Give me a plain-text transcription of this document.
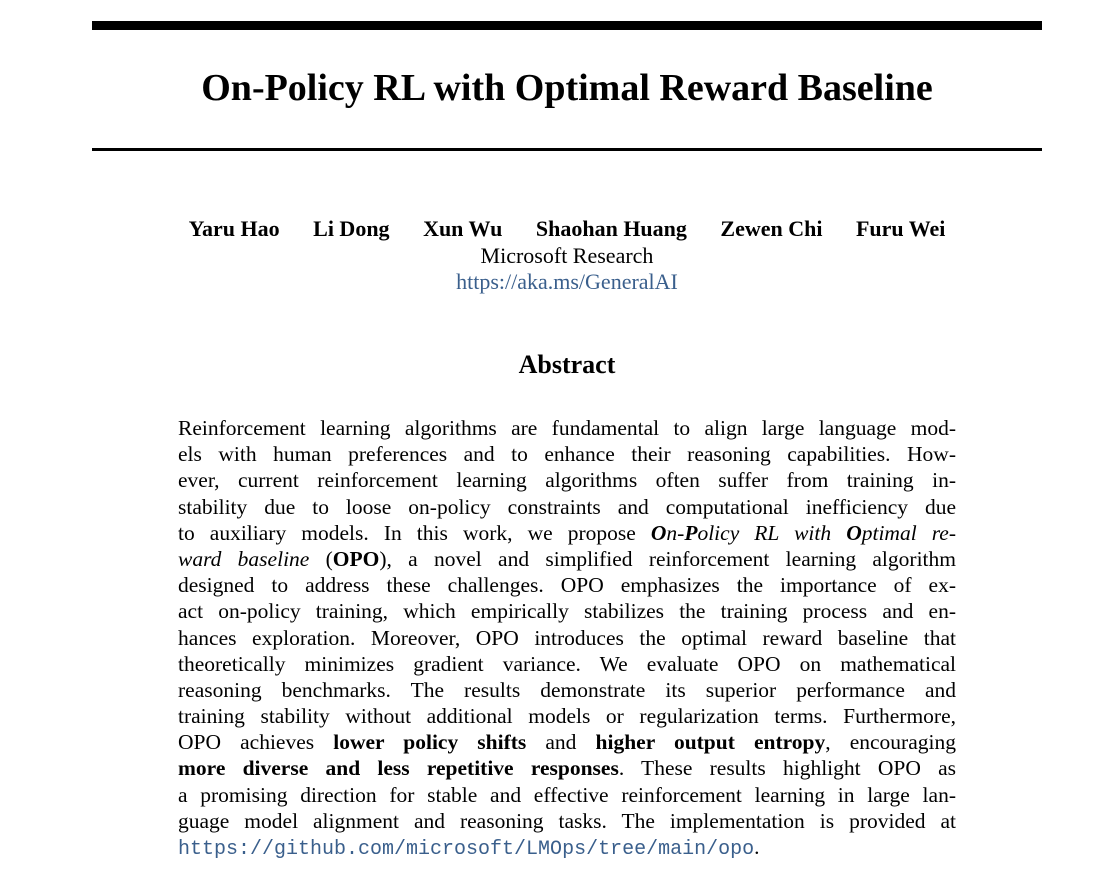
On-Policy RL with Optimal Reward Baseline
Yaru Hao Li Dong Xun Wu Shaohan Huang Zewen Chi Furu Wei
Microsoft Research
https://aka.ms/GeneralAI
Abstract
Reinforcement learning algorithms are fundamental to align large language mod-
els with human preferences and to enhance their reasoning capabilities. How-
ever, current reinforcement learning algorithms often suffer from training in-
stability due to loose on-policy constraints and computational inefficiency due
to auxiliary models. In this work, we propose On-Policy RL with Optimal re-
ward baseline (OPO), a novel and simplified reinforcement learning algorithm
designed to address these challenges. OPO emphasizes the importance of ex-
act on-policy training, which empirically stabilizes the training process and en-
hances exploration. Moreover, OPO introduces the optimal reward baseline that
theoretically minimizes gradient variance. We evaluate OPO on mathematical
reasoning benchmarks. The results demonstrate its superior performance and
training stability without additional models or regularization terms. Furthermore,
OPO achieves lower policy shifts and higher output entropy, encouraging
more diverse and less repetitive responses. These results highlight OPO as
a promising direction for stable and effective reinforcement learning in large lan-
guage model alignment and reasoning tasks. The implementation is provided at
https://github.com/microsoft/LMOps/tree/main/opo.
